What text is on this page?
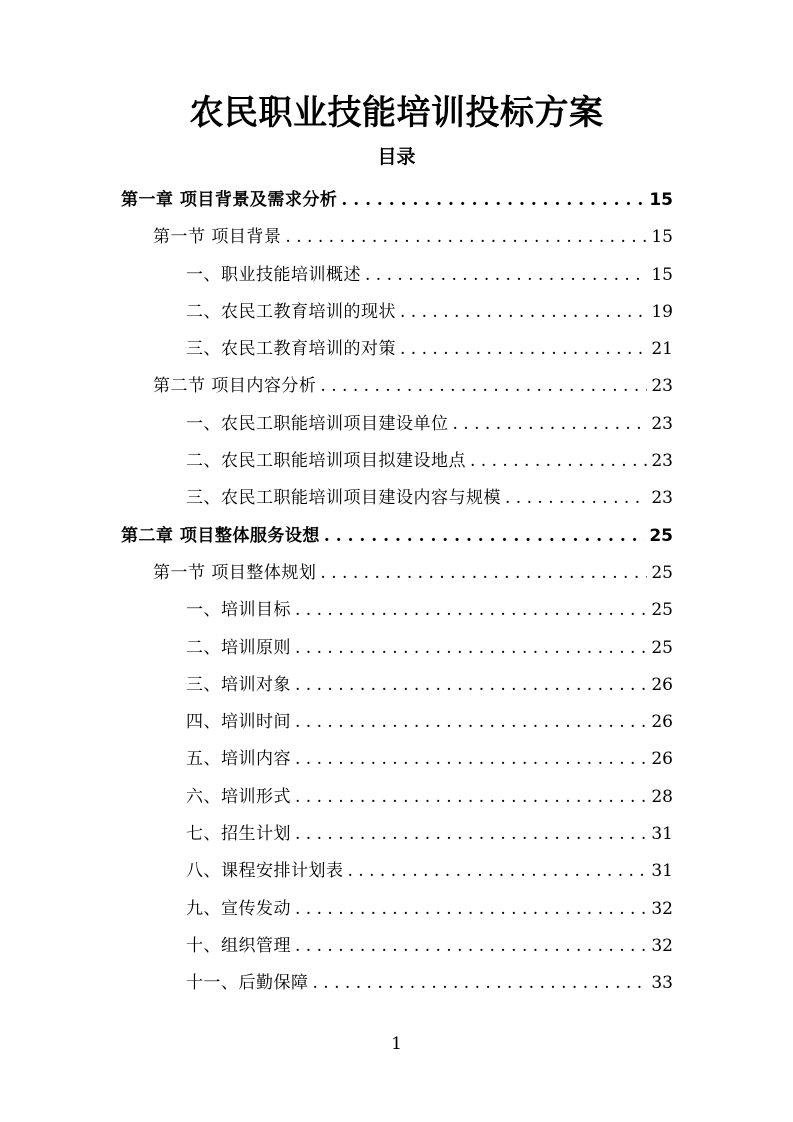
农民职业技能培训投标方案
目录
第一章 项目背景及需求分析 . . .	15
第一节 项目背景 . . .	15
一、职业技能培训概述 . . .	15
二、农民工教育培训的现状 . . .	19
三、农民工教育培训的对策 . . .	21
第二节 项目内容分析 . . .	23
一、农民工职能培训项目建设单位 . . .	23
二、农民工职能培训项目拟建设地点 . . .	23
三、农民工职能培训项目建设内容与规模 . . .	23
第二章 项目整体服务设想 . . .	25
第一节 项目整体规划 . . .	25
一、培训目标 . . .	25
二、培训原则 . . .	25
三、培训对象 . . .	26
四、培训时间 . . .	26
五、培训内容 . . .	26
六、培训形式 . . .	28
七、招生计划 . . .	31
八、课程安排计划表 . . .	31
九、宣传发动 . . .	32
十、组织管理 . . .	32
十一、后勤保障 . . .	33
1
